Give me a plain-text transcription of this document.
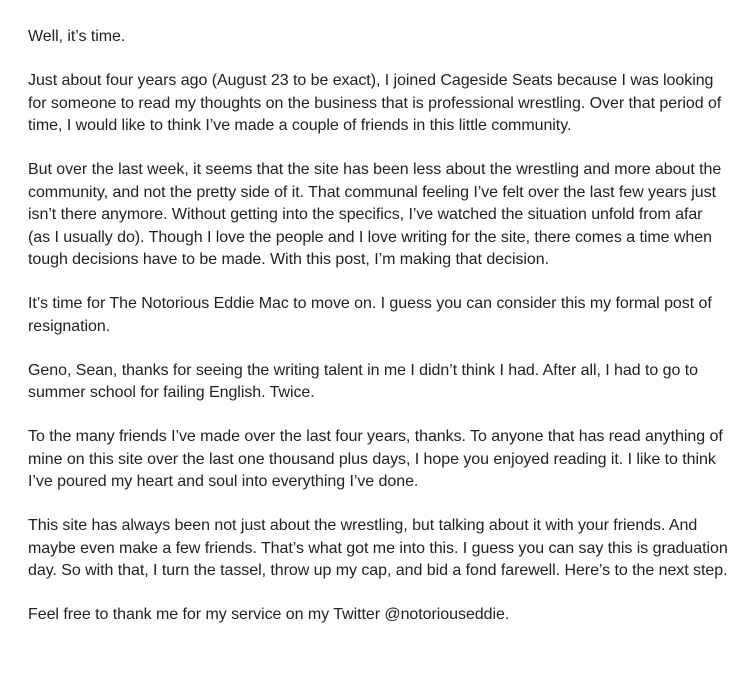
Well, it’s time.

Just about four years ago (August 23 to be exact), I joined Cageside Seats because I was looking for someone to read my thoughts on the business that is professional wrestling. Over that period of time, I would like to think I’ve made a couple of friends in this little community.

But over the last week, it seems that the site has been less about the wrestling and more about the community, and not the pretty side of it. That communal feeling I’ve felt over the last few years just isn’t there anymore. Without getting into the specifics, I’ve watched the situation unfold from afar (as I usually do). Though I love the people and I love writing for the site, there comes a time when tough decisions have to be made. With this post, I’m making that decision.

It’s time for The Notorious Eddie Mac to move on. I guess you can consider this my formal post of resignation.

Geno, Sean, thanks for seeing the writing talent in me I didn’t think I had. After all, I had to go to summer school for failing English. Twice.

To the many friends I’ve made over the last four years, thanks. To anyone that has read anything of mine on this site over the last one thousand plus days, I hope you enjoyed reading it. I like to think I’ve poured my heart and soul into everything I’ve done.

This site has always been not just about the wrestling, but talking about it with your friends. And maybe even make a few friends. That’s what got me into this. I guess you can say this is graduation day. So with that, I turn the tassel, throw up my cap, and bid a fond farewell. Here’s to the next step.

Feel free to thank me for my service on my Twitter @notoriouseddie.
